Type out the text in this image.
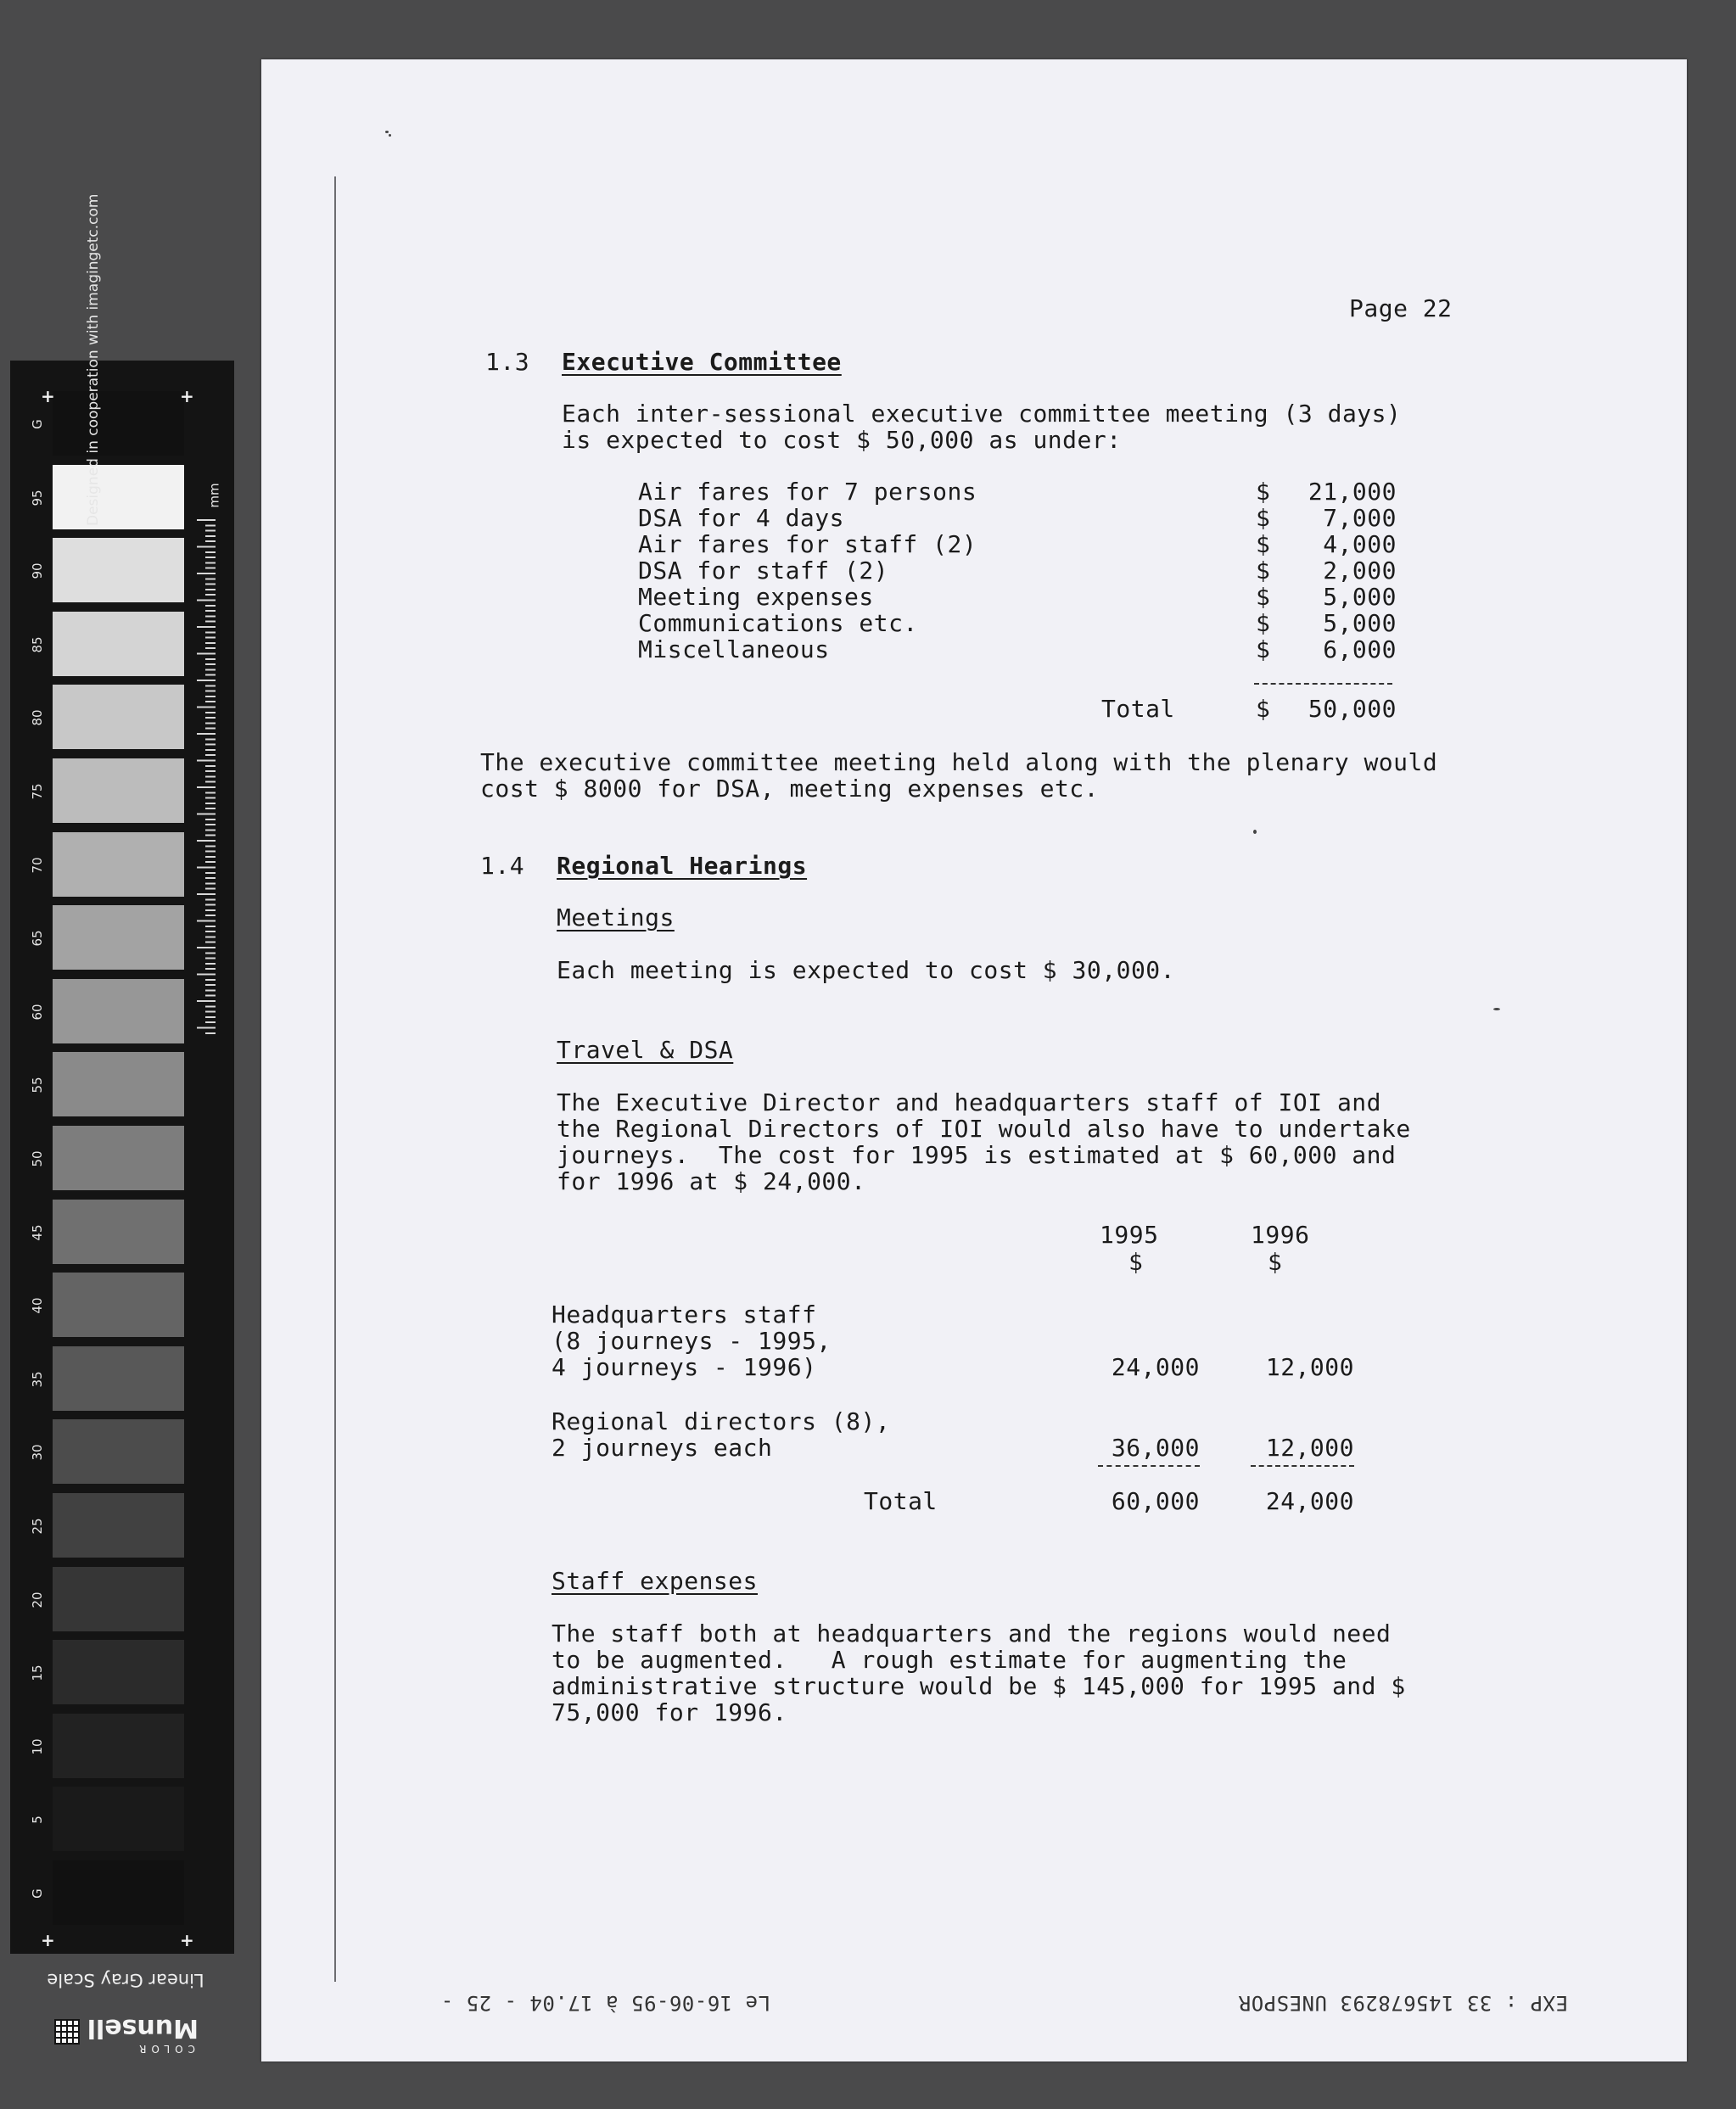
G
95
90
85
80
75
70
65
60
55
50
45
40
35
30
25
20
15
10
5
G
+	+
+	+
Designed in cooperation with imagingetc.com	mm
Linear Gray Scale
COLOR
Munsell
Page 22
1.3 Executive Committee
Each inter-sessional executive committee meeting (3 days)
is expected to cost $ 50,000 as under:
Total	$	50,000
The executive committee meeting held along with the plenary would
cost $ 8000 for DSA, meeting expenses etc.
1.4 Regional Hearings
Meetings
Each meeting is expected to cost $ 30,000.
Travel & DSA
The Executive Director and headquarters staff of IOI and
the Regional Directors of IOI would also have to undertake
journeys.  The cost for 1995 is estimated at $ 60,000 and
for 1996 at $ 24,000.
1995	1996
$	$
Headquarters staff
(8 journeys - 1995,
4 journeys - 1996)	24,000	12,000
Regional directors (8),
2 journeys each	36,000	12,000
Total	60,000	24,000
Staff expenses
The staff both at headquarters and the regions would need
to be augmented.   A rough estimate for augmenting the
administrative structure would be $ 145,000 for 1995 and $
75,000 for 1996.
EXP : 33 145678293 UNESPOR
Le 16-06-95 à 17.04 - 25 -
Air fares for 7 persons	$	21,000
DSA for 4 days	$	7,000
Air fares for staff (2)	$	4,000
DSA for staff (2)	$	2,000
Meeting expenses	$	5,000
Communications etc.	$	5,000
Miscellaneous	$	6,000
